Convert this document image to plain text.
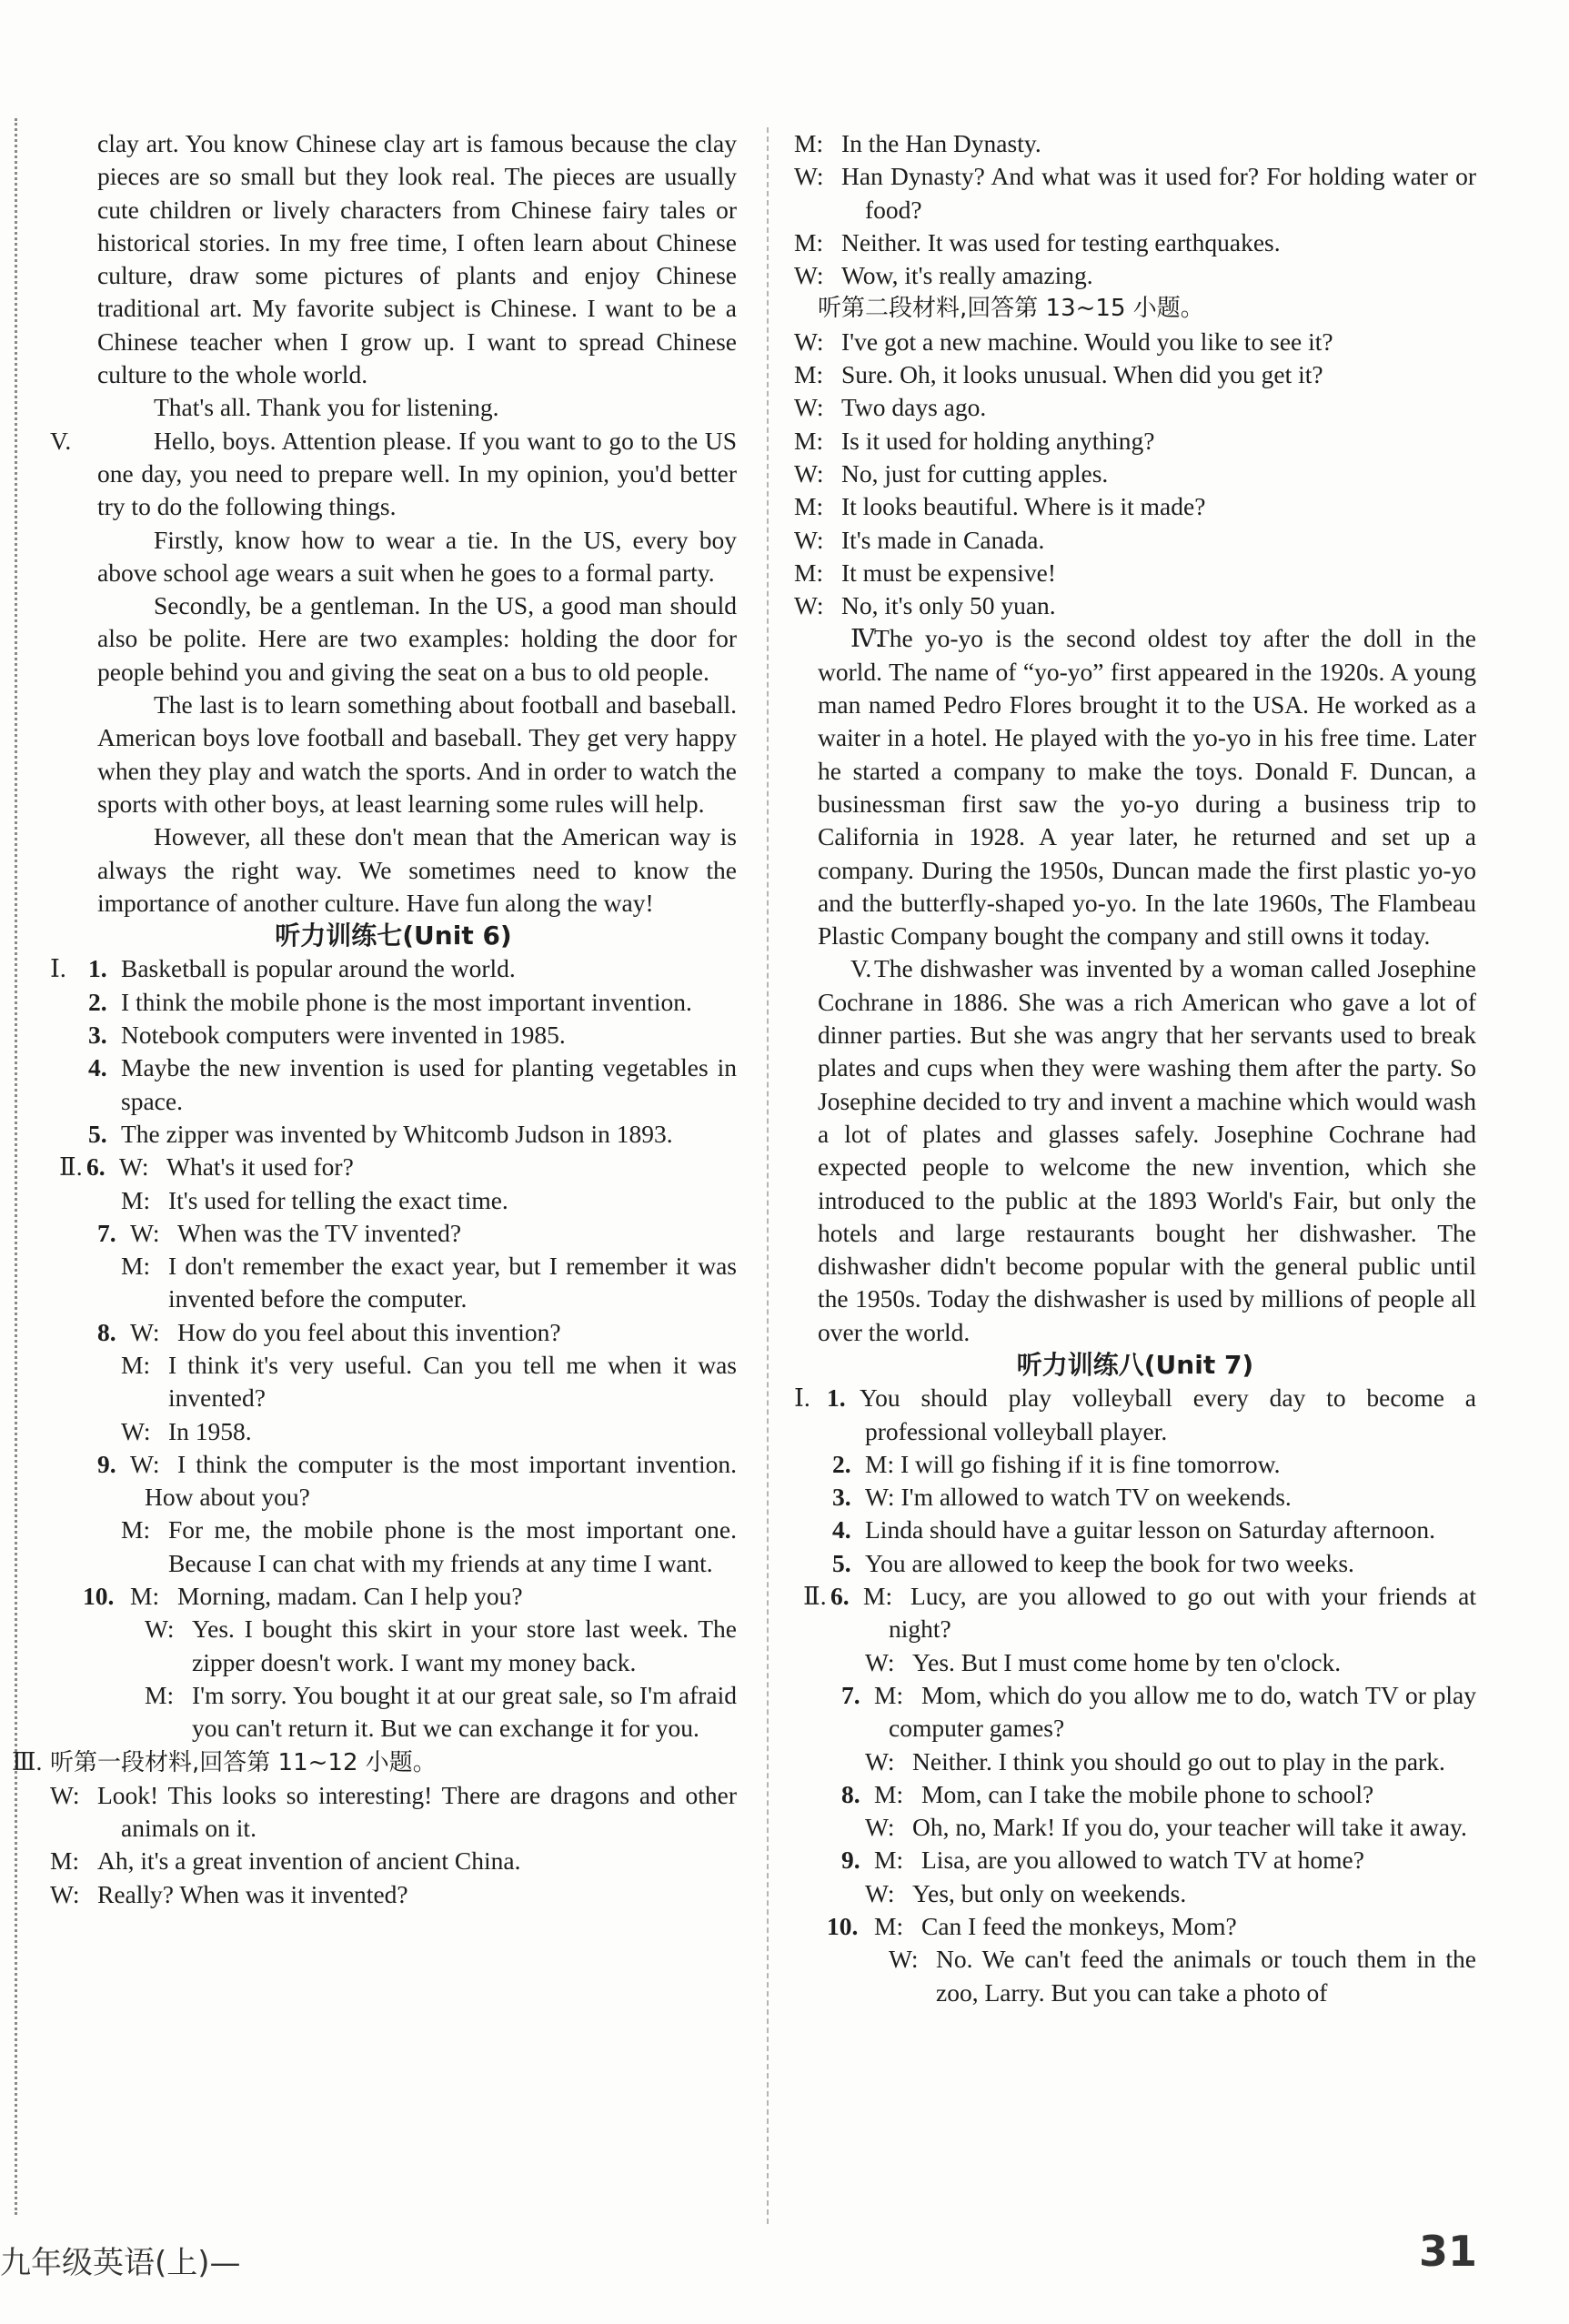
clay art. You know Chinese clay art is famous because the clay pieces are so small but they look real. The pieces are usually cute children or lively characters from Chinese fairy tales or historical stories. In my free time, I often learn about Chinese culture, draw some pictures of plants and enjoy Chinese traditional art. My favorite subject is Chinese. I want to be a Chinese teacher when I grow up. I want to spread Chinese culture to the whole world.

That's all. Thank you for listening.

V.	Hello, boys. Attention please. If you want to go to the US one day, you need to prepare well. In my opinion, you'd better try to do the following things.

Firstly, know how to wear a tie. In the US, every boy above school age wears a suit when he goes to a formal party.

Secondly, be a gentleman. In the US, a good man should also be polite. Here are two examples: holding the door for people behind you and giving the seat on a bus to old people.

The last is to learn something about football and baseball. American boys love football and baseball. They get very happy when they play and watch the sports. And in order to watch the sports with other boys, at least learning some rules will help.

However, all these don't mean that the American way is always the right way. We sometimes need to know the importance of another culture. Have fun along the way!

听力训练七(Unit 6)

Ⅰ. 1. Basketball is popular around the world.

2. I think the mobile phone is the most important invention.

3. Notebook computers were invented in 1985.

4. Maybe the new invention is used for planting vegetables in space.

5. The zipper was invented by Whitcomb Judson in 1893.

Ⅱ. 6. W: What's it used for?

M: It's used for telling the exact time.

7. W: When was the TV invented?

M: I don't remember the exact year, but I remember it was invented before the computer.

8. W: How do you feel about this invention?

M: I think it's very useful. Can you tell me when it was invented?

W: In 1958.

9. W: I think the computer is the most important invention. How about you?

M: For me, the mobile phone is the most important one. Because I can chat with my friends at any time I want.

10. M: Morning, madam. Can I help you?

W: Yes. I bought this skirt in your store last week. The zipper doesn't work. I want my money back.

M: I'm sorry. You bought it at our great sale, so I'm afraid you can't return it. But we can exchange it for you.

Ⅲ. 听第一段材料,回答第 11~12 小题。

W: Look! This looks so interesting! There are dragons and other animals on it.

M: Ah, it's a great invention of ancient China.

W: Really? When was it invented?

M: In the Han Dynasty.

W: Han Dynasty? And what was it used for? For holding water or food?

M: Neither. It was used for testing earthquakes.

W: Wow, it's really amazing.

听第二段材料,回答第 13~15 小题。

W: I've got a new machine. Would you like to see it?

M: Sure. Oh, it looks unusual. When did you get it?

W: Two days ago.

M: Is it used for holding anything?

W: No, just for cutting apples.

M: It looks beautiful. Where is it made?

W: It's made in Canada.

M: It must be expensive!

W: No, it's only 50 yuan.

Ⅳ.
The yo-yo is the second oldest toy after the doll in the world. The name of “yo-yo” first appeared in the 1920s. A young man named Pedro Flores brought it to the USA. He worked as a waiter in a hotel. He played with the yo-yo in his free time. Later he started a company to make the toys. Donald F. Duncan, a businessman first saw the yo-yo during a business trip to California in 1928. A year later, he returned and set up a company. During the 1950s, Duncan made the first plastic yo-yo and the butterfly-shaped yo-yo. In the late 1960s, The Flambeau Plastic Company bought the company and still owns it today.

V. The dishwasher was invented by a woman called Josephine Cochrane in 1886. She was a rich American who gave a lot of dinner parties. But she was angry that her servants used to break plates and cups when they were washing them after the party. So Josephine decided to try and invent a machine which would wash a lot of plates and glasses safely. Josephine Cochrane had expected people to welcome the new invention, which she introduced to the public at the 1893 World's Fair, but only the hotels and large restaurants bought her dishwasher. The dishwasher didn't become popular with the general public until the 1950s. Today the dishwasher is used by millions of people all over the world.

听力训练八(Unit 7)

Ⅰ. 1. You should play volleyball every day to become a professional volleyball player.

2. M: I will go fishing if it is fine tomorrow.

3. W: I'm allowed to watch TV on weekends.

4. Linda should have a guitar lesson on Saturday afternoon.

5. You are allowed to keep the book for two weeks.

Ⅱ. 6. M: Lucy, are you allowed to go out with your friends at night?

W: Yes. But I must come home by ten o'clock.

7. M: Mom, which do you allow me to do, watch TV or play computer games?

W: Neither. I think you should go out to play in the park.

8. M: Mom, can I take the mobile phone to school?

W: Oh, no, Mark! If you do, your teacher will take it away.

9. M: Lisa, are you allowed to watch TV at home?

W: Yes, but only on weekends.

10. M: Can I feed the monkeys, Mom?

W: No. We can't feed the animals or touch them in the zoo, Larry. But you can take a photo of

九年级英语(上)—	31
